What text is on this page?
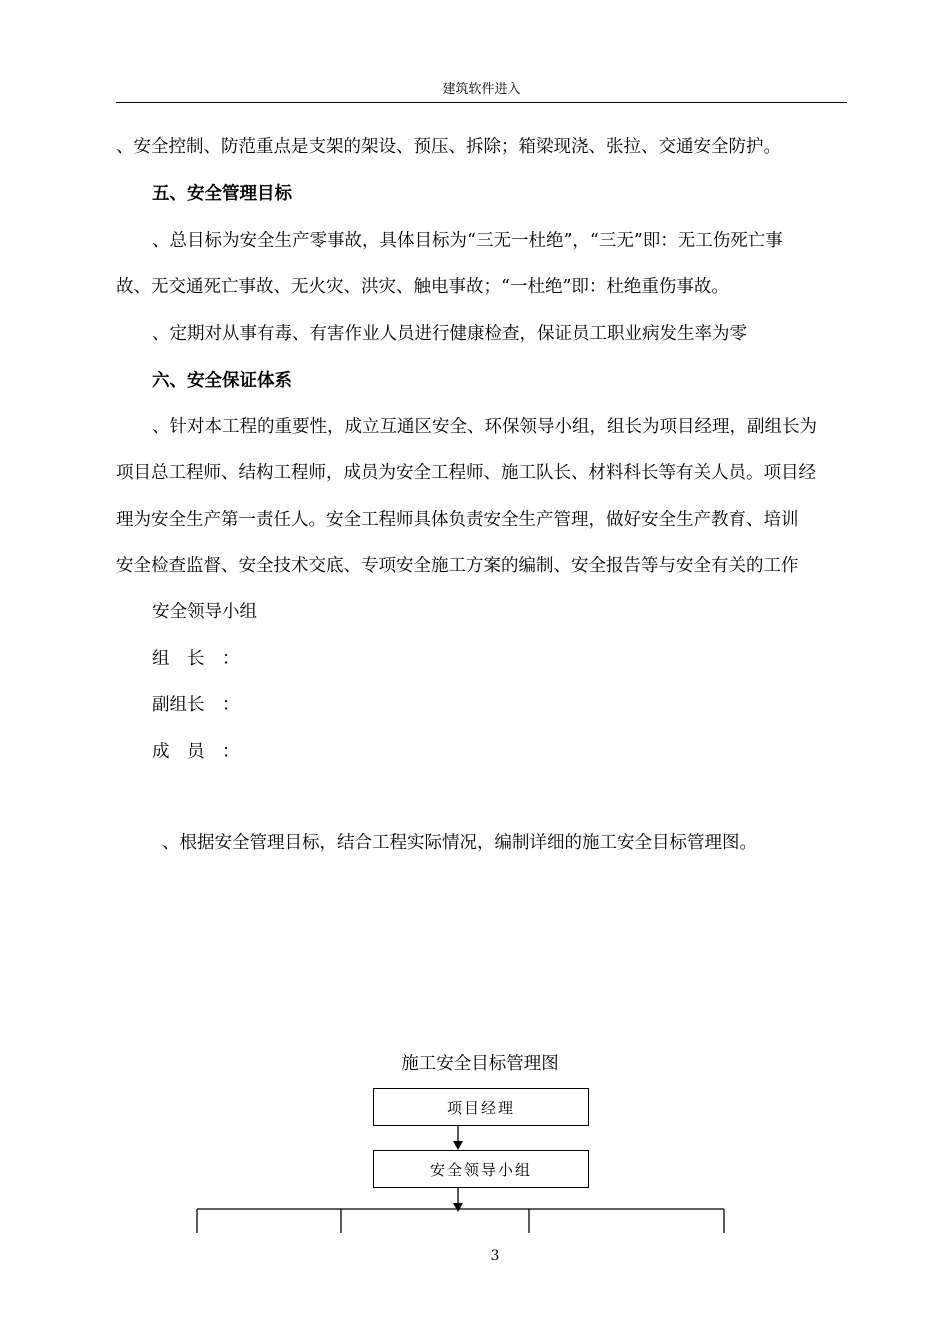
建筑软件进入
、安全控制、防范重点是支架的架设、预压、拆除；箱梁现浇、张拉、交通安全防护。
五、安全管理目标
、总目标为安全生产零事故，具体目标为“三无一杜绝”，“三无”即：无工伤死亡事
故、无交通死亡事故、无火灾、洪灾、触电事故；“一杜绝”即：杜绝重伤事故。
、定期对从事有毒、有害作业人员进行健康检查，保证员工职业病发生率为零
六、安全保证体系
、针对本工程的重要性，成立互通区安全、环保领导小组，组长为项目经理，副组长为
项目总工程师、结构工程师，成员为安全工程师、施工队长、材料科长等有关人员。项目经
理为安全生产第一责任人。安全工程师具体负责安全生产管理，做好安全生产教育、培训
安全检查监督、安全技术交底、专项安全施工方案的编制、安全报告等与安全有关的工作
安全领导小组
组　长　：
副组长　：
成　员　：
、根据安全管理目标，结合工程实际情况，编制详细的施工安全目标管理图。
施工安全目标管理图
项目经理
安全领导小组
3
